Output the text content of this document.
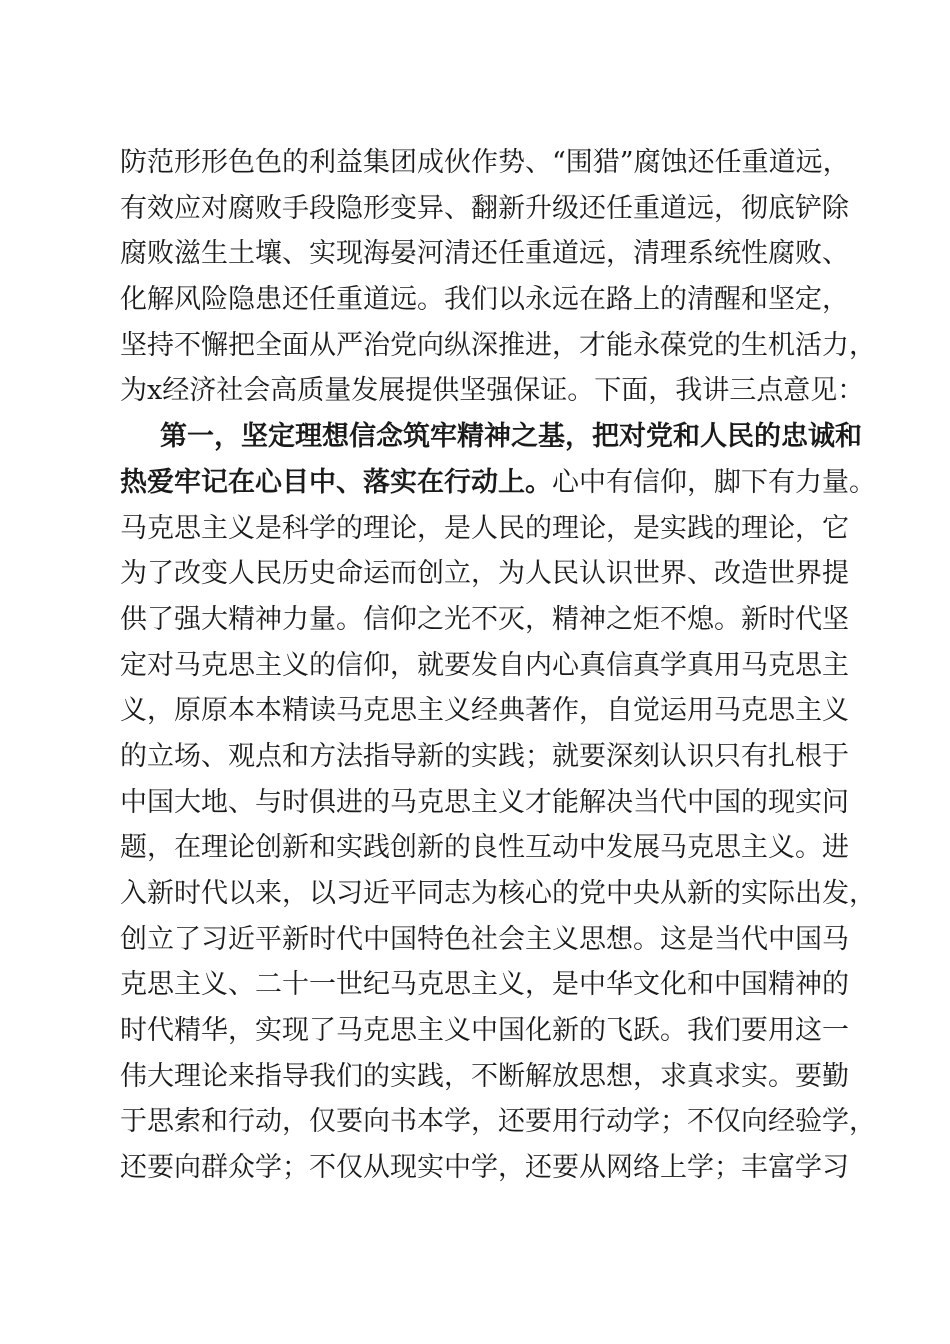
防范形形色色的利益集团成伙作势、“围猎”腐蚀还任重道远，
有效应对腐败手段隐形变异、翻新升级还任重道远，彻底铲除
腐败滋生土壤、实现海晏河清还任重道远，清理系统性腐败、
化解风险隐患还任重道远。我们以永远在路上的清醒和坚定，
坚持不懈把全面从严治党向纵深推进，才能永葆党的生机活力，
为x经济社会高质量发展提供坚强保证。下面，我讲三点意见：
第一，坚定理想信念筑牢精神之基，把对党和人民的忠诚和
热爱牢记在心目中、落实在行动上。心中有信仰，脚下有力量。
马克思主义是科学的理论，是人民的理论，是实践的理论，它
为了改变人民历史命运而创立，为人民认识世界、改造世界提
供了强大精神力量。信仰之光不灭，精神之炬不熄。新时代坚
定对马克思主义的信仰，就要发自内心真信真学真用马克思主
义，原原本本精读马克思主义经典著作，自觉运用马克思主义
的立场、观点和方法指导新的实践；就要深刻认识只有扎根于
中国大地、与时俱进的马克思主义才能解决当代中国的现实问
题，在理论创新和实践创新的良性互动中发展马克思主义。进
入新时代以来，以习近平同志为核心的党中央从新的实际出发，
创立了习近平新时代中国特色社会主义思想。这是当代中国马
克思主义、二十一世纪马克思主义，是中华文化和中国精神的
时代精华，实现了马克思主义中国化新的飞跃。我们要用这一
伟大理论来指导我们的实践，不断解放思想，求真求实。要勤
于思索和行动，仅要向书本学，还要用行动学；不仅向经验学，
还要向群众学；不仅从现实中学，还要从网络上学；丰富学习
